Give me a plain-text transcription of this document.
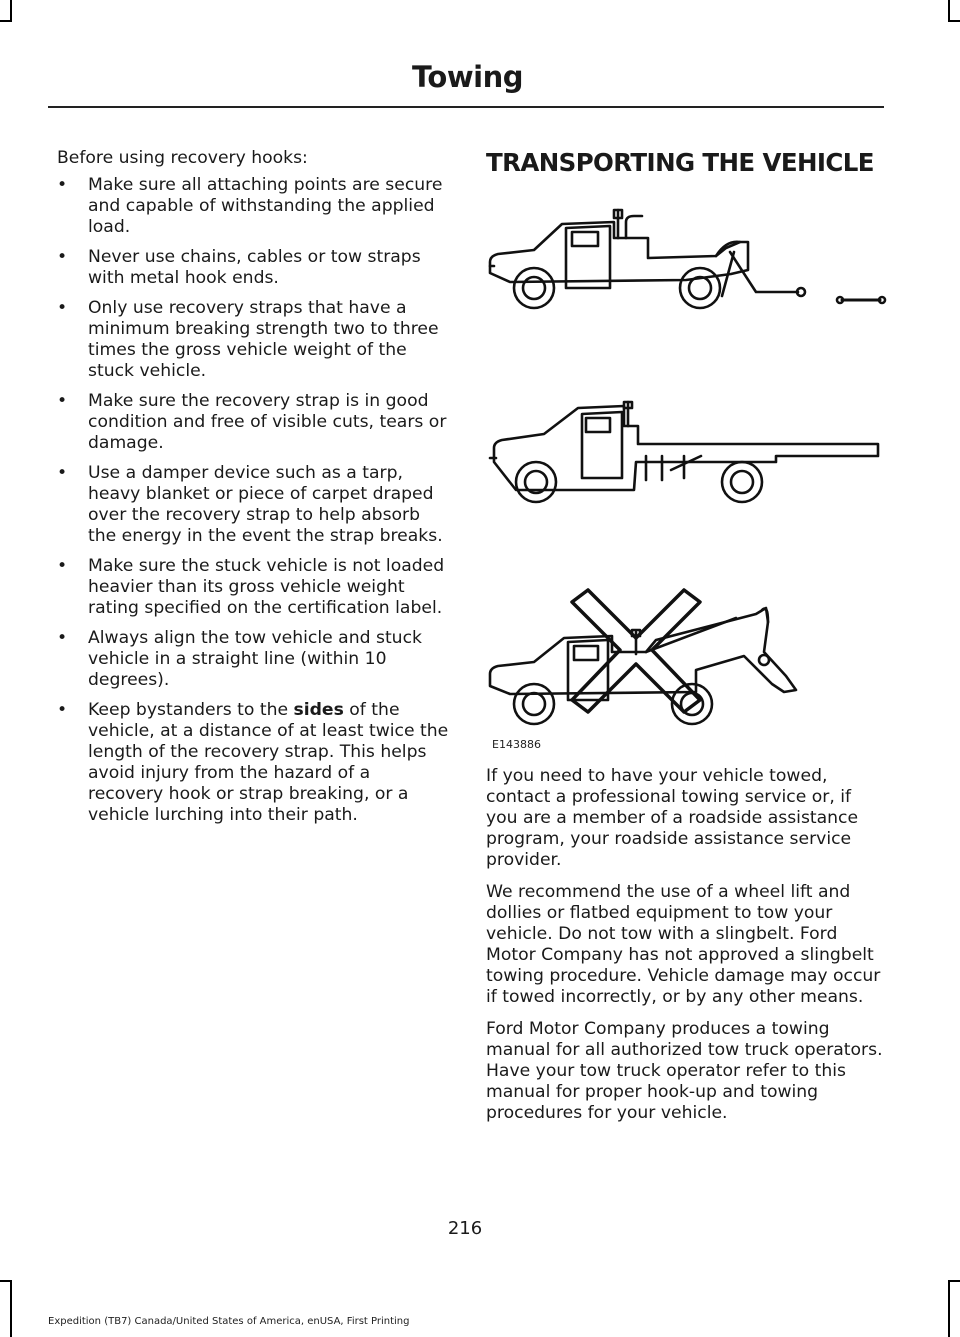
Towing

Before using recovery hooks:

• Make sure all attaching points are secure and capable of withstanding the applied load.
• Never use chains, cables or tow straps with metal hook ends.
• Only use recovery straps that have a minimum breaking strength two to three times the gross vehicle weight of the stuck vehicle.
• Make sure the recovery strap is in good condition and free of visible cuts, tears or damage.
• Use a damper device such as a tarp, heavy blanket or piece of carpet draped over the recovery strap to help absorb the energy in the event the strap breaks.
• Make sure the stuck vehicle is not loaded heavier than its gross vehicle weight rating specified on the certification label.
• Always align the tow vehicle and stuck vehicle in a straight line (within 10 degrees).
• Keep bystanders to the sides of the vehicle, at a distance of at least twice the length of the recovery strap. This helps avoid injury from the hazard of a recovery hook or strap breaking, or a vehicle lurching into their path.
TRANSPORTING THE VEHICLE
E143886

If you need to have your vehicle towed, contact a professional towing service or, if you are a member of a roadside assistance program, your roadside assistance service provider.

We recommend the use of a wheel lift and dollies or flatbed equipment to tow your vehicle. Do not tow with a slingbelt. Ford Motor Company has not approved a slingbelt towing procedure. Vehicle damage may occur if towed incorrectly, or by any other means.

Ford Motor Company produces a towing manual for all authorized tow truck operators. Have your tow truck operator refer to this manual for proper hook-up and towing procedures for your vehicle.

216
Expedition (TB7) Canada/United States of America, enUSA, First Printing
